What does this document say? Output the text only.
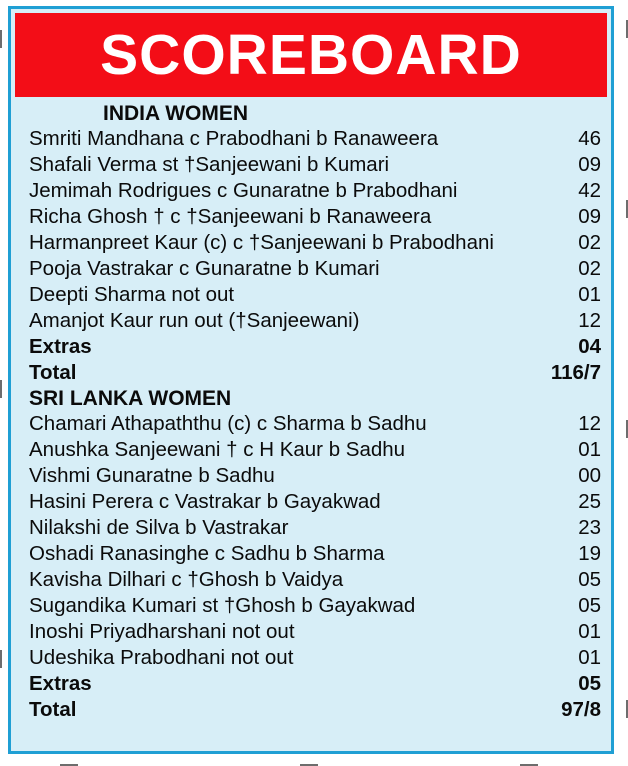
SCOREBOARD
INDIA WOMEN
Smriti Mandhana c Prabodhani b Ranaweera	46
Shafali Verma st †Sanjeewani b Kumari	09
Jemimah Rodrigues c Gunaratne b Prabodhani	42
Richa Ghosh † c †Sanjeewani b Ranaweera	09
Harmanpreet Kaur (c) c †Sanjeewani b Prabodhani	02
Pooja Vastrakar c Gunaratne b Kumari	02
Deepti Sharma not out	01
Amanjot Kaur run out (†Sanjeewani)	12
Extras	04
Total	116/7
SRI LANKA WOMEN
Chamari Athapaththu (c) c Sharma b Sadhu	12
Anushka Sanjeewani † c H Kaur b Sadhu	01
Vishmi Gunaratne b Sadhu	00
Hasini Perera c Vastrakar b Gayakwad	25
Nilakshi de Silva b Vastrakar	23
Oshadi Ranasinghe c Sadhu b Sharma	19
Kavisha Dilhari c †Ghosh b Vaidya	05
Sugandika Kumari st †Ghosh b Gayakwad	05
Inoshi Priyadharshani not out	01
Udeshika Prabodhani not out	01
Extras	05
Total	97/8
